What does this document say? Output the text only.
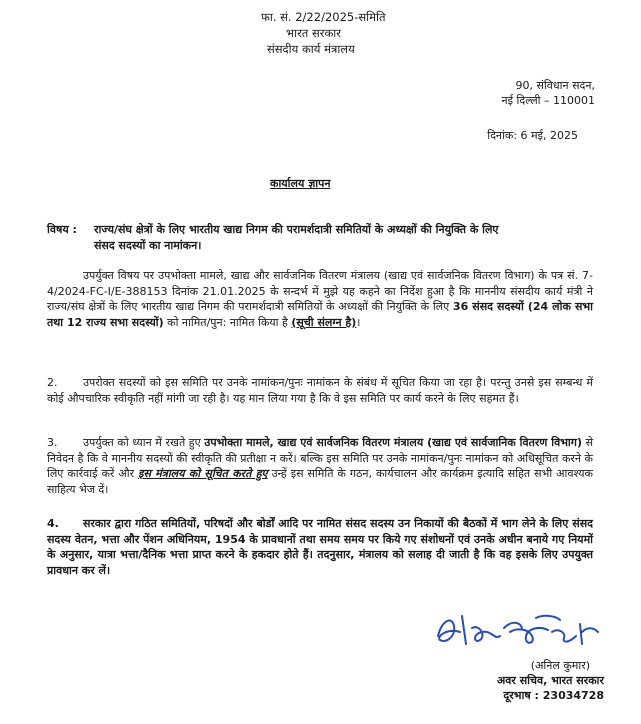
फा. सं. 2/22/2025-समिति
भारत सरकार
संसदीय कार्य मंत्रालय
90, संविधान सदन,
नई दिल्ली – 110001
दिनांक: 6 मई, 2025
कार्यालय ज्ञापन
विषय : राज्य/संघ क्षेत्रों के लिए भारतीय खाद्य निगम की परामर्शदात्री समितियों के अध्यक्षों की नियुक्ति के लिए
संसद सदस्यों का नामांकन।
उपर्युक्त विषय पर उपभोक्ता मामले, खाद्य और सार्वजनिक वितरण मंत्रालय (खाद्य एवं सार्वजनिक वितरण विभाग) के पत्र सं. 7-4/2024-FC-I/E-388153 दिनांक 21.01.2025 के सन्दर्भ में मुझे यह कहने का निर्देश हुआ है कि माननीय संसदीय कार्य मंत्री ने राज्य/संघ क्षेत्रों के लिए भारतीय खाद्य निगम की परामर्शदात्री समितियों के अध्यक्षों की नियुक्ति के लिए 36 संसद सदस्यों (24 लोक सभा तथा 12 राज्य सभा सदस्यों) को नामित/पुन: नामित किया है (सूची संलग्न है)।
2. उपरोक्त सदस्यों को इस समिति पर उनके नामांकन/पुनः नामांकन के संबंध में सूचित किया जा रहा है। परन्तु उनसे इस सम्बन्ध में कोई औपचारिक स्वीकृति नहीं मांगी जा रही है। यह मान लिया गया है कि वे इस समिति पर कार्य करने के लिए सहमत हैं।
3. उपर्युक्त को ध्यान में रखते हुए उपभोक्ता मामले, खाद्य एवं सार्वजनिक वितरण मंत्रालय (खाद्य एवं सार्वजानिक वितरण विभाग) से निवेदन है कि वे माननीय सदस्यों की स्वीकृति की प्रतीक्षा न करें। बल्कि इस समिति पर उनके नामांकन/पुनः नामांकन को अधिसूचित करने के लिए कार्रवाई करें और इस मंत्रालय को सूचित करते हुए उन्हें इस समिति के गठन, कार्यचालन और कार्यक्रम इत्यादि सहित सभी आवश्यक साहित्य भेज दें।
4. सरकार द्वारा गठित समितियों, परिषदों और बोर्डों आदि पर नामित संसद सदस्य उन निकायों की बैठकों में भाग लेने के लिए संसद सदस्य वेतन, भत्ता और पेंशन अधिनियम, 1954 के प्रावधानों तथा समय समय पर किये गए संशोधनों एवं उनके अधीन बनाये गए नियमों के अनुसार, यात्रा भत्ता/दैनिक भत्ता प्राप्त करने के हकदार होते हैं। तदनुसार, मंत्रालय को सलाह दी जाती है कि वह इसके लिए उपयुक्त प्रावधान कर लें।
(अनिल कुमार)
अवर सचिव, भारत सरकार
दूरभाष : 23034728
